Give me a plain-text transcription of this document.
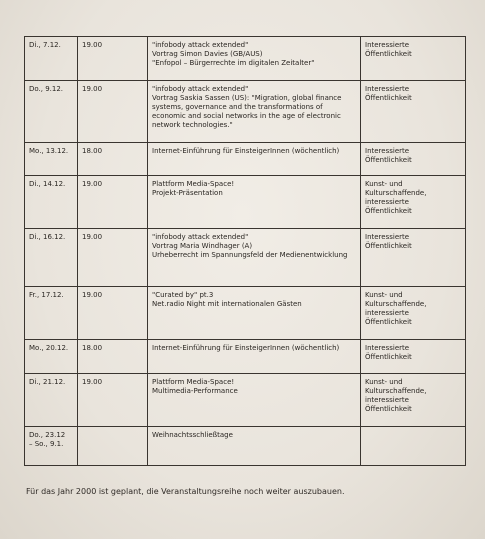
Di., 7.12.	19.00	"infobody attack extended"
Vortrag Simon Davies (GB/AUS)
"Enfopol – Bürgerrechte im digitalen Zeitalter"	Interessierte
Öffentlichkeit
Do., 9.12.	19.00	"infobody attack extended"
Vortrag Saskia Sassen (US): "Migration, global finance systems, governance and the transformations of economic and social networks in the age of electronic network technologies."	Interessierte
Öffentlichkeit
Mo., 13.12.	18.00	Internet-Einführung für EinsteigerInnen (wöchentlich)	Interessierte
Öffentlichkeit
Di., 14.12.	19.00	Plattform Media-Space!
Projekt-Präsentation	Kunst- und
Kulturschaffende,
interessierte
Öffentlichkeit
Di., 16.12.	19.00	"infobody attack extended"
Vortrag Maria Windhager (A)
Urheberrecht im Spannungsfeld der Medienentwicklung	Interessierte
Öffentlichkeit
Fr., 17.12.	19.00	"Curated by" pt.3
Net.radio Night mit internationalen Gästen	Kunst- und
Kulturschaffende,
interessierte
Öffentlichkeit
Mo., 20.12.	18.00	Internet-Einführung für EinsteigerInnen (wöchentlich)	Interessierte
Öffentlichkeit
Di., 21.12.	19.00	Plattform Media-Space!
Multimedia-Performance	Kunst- und
Kulturschaffende,
interessierte
Öffentlichkeit
Do., 23.12
– So., 9.1.		Weihnachtsschließtage	
Für das Jahr 2000 ist geplant, die Veranstaltungsreihe noch weiter auszubauen.
